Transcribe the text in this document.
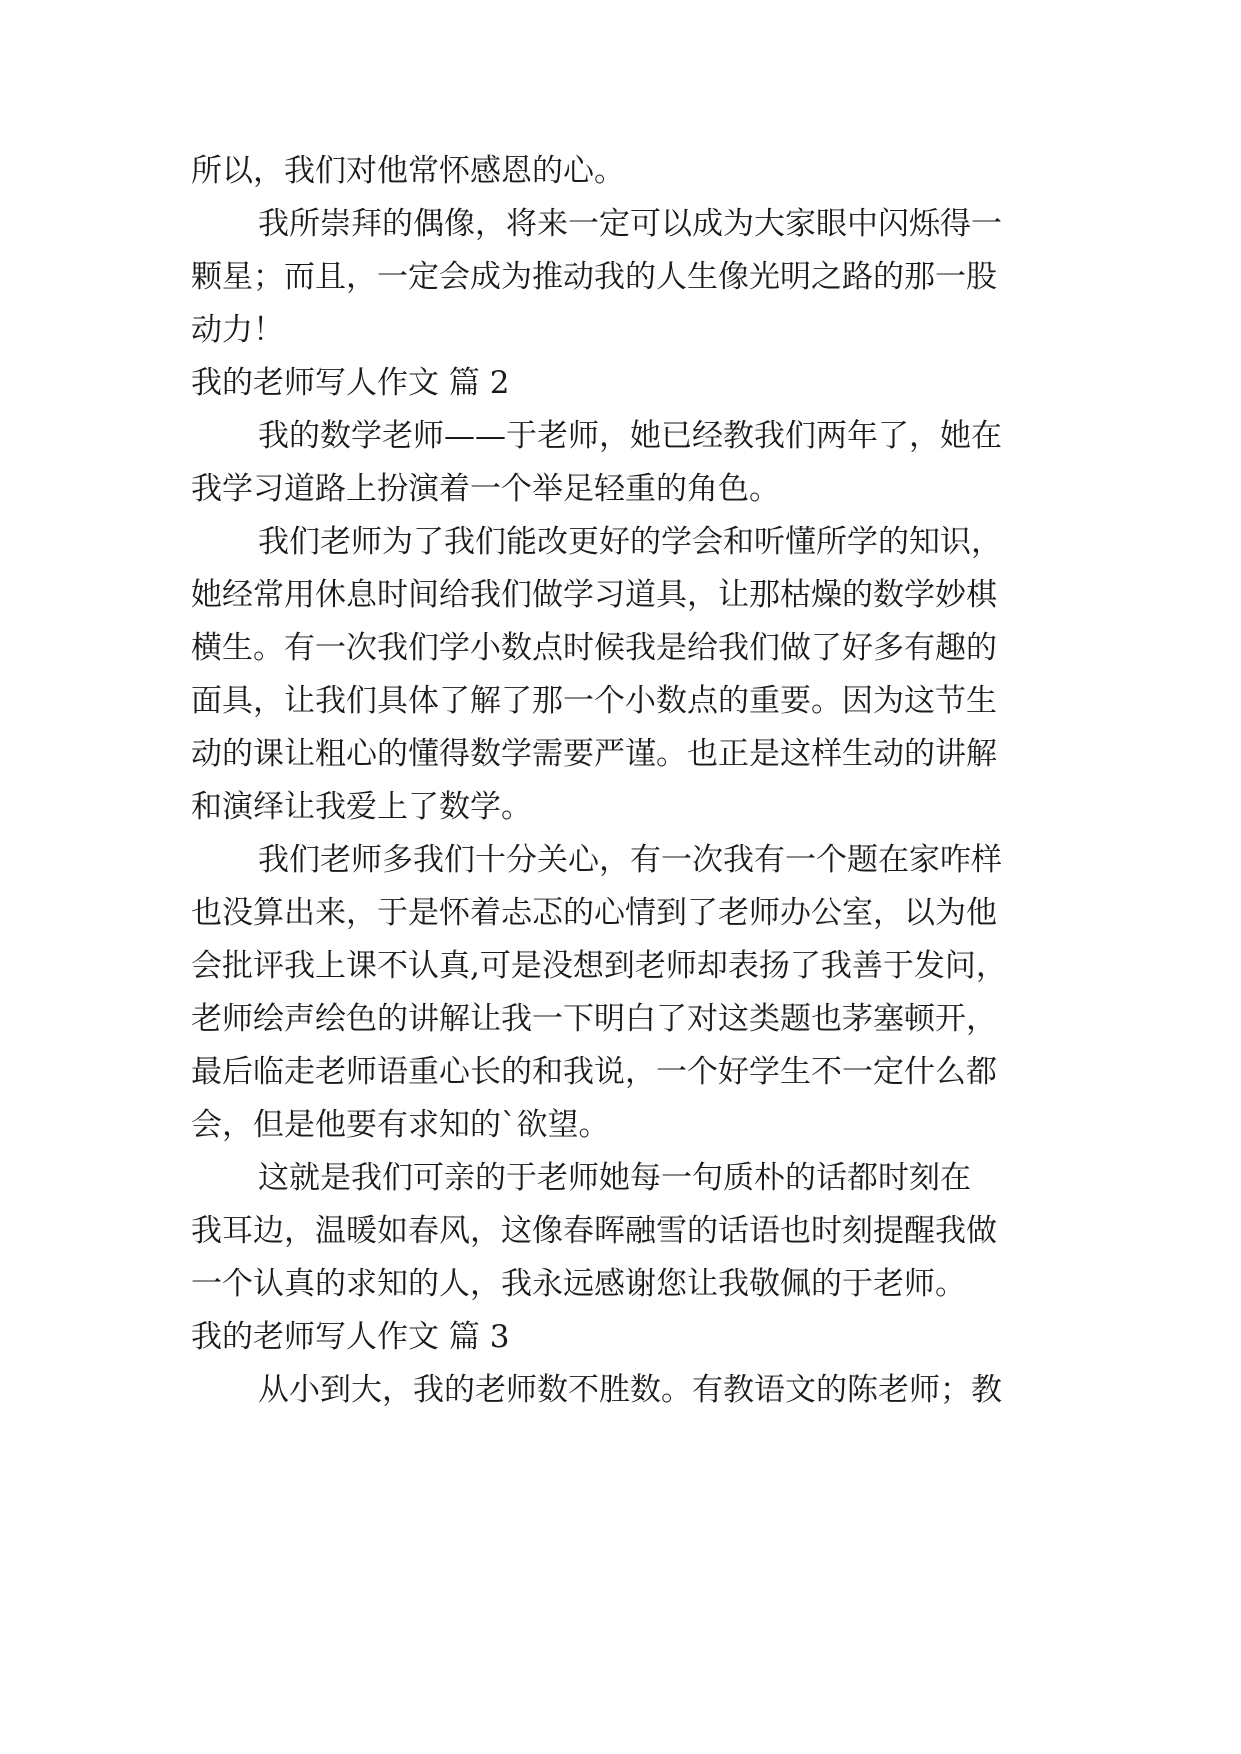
所以，我们对他常怀感恩的心。
我所崇拜的偶像，将来一定可以成为大家眼中闪烁得一
颗星；而且，一定会成为推动我的人生像光明之路的那一股
动力！
我的老师写人作文 篇 2
我的数学老师——于老师，她已经教我们两年了，她在
我学习道路上扮演着一个举足轻重的角色。
我们老师为了我们能改更好的学会和听懂所学的知识，
她经常用休息时间给我们做学习道具，让那枯燥的数学妙棋
横生。有一次我们学小数点时候我是给我们做了好多有趣的
面具，让我们具体了解了那一个小数点的重要。因为这节生
动的课让粗心的懂得数学需要严谨。也正是这样生动的讲解
和演绎让我爱上了数学。
我们老师多我们十分关心，有一次我有一个题在家咋样
也没算出来，于是怀着忐忑的心情到了老师办公室，以为他
会批评我上课不认真,可是没想到老师却表扬了我善于发问，
老师绘声绘色的讲解让我一下明白了对这类题也茅塞顿开，
最后临走老师语重心长的和我说，一个好学生不一定什么都
会，但是他要有求知的`欲望。
这就是我们可亲的于老师她每一句质朴的话都时刻在
我耳边，温暖如春风，这像春晖融雪的话语也时刻提醒我做
一个认真的求知的人，我永远感谢您让我敬佩的于老师。
我的老师写人作文 篇 3
从小到大，我的老师数不胜数。有教语文的陈老师；教
